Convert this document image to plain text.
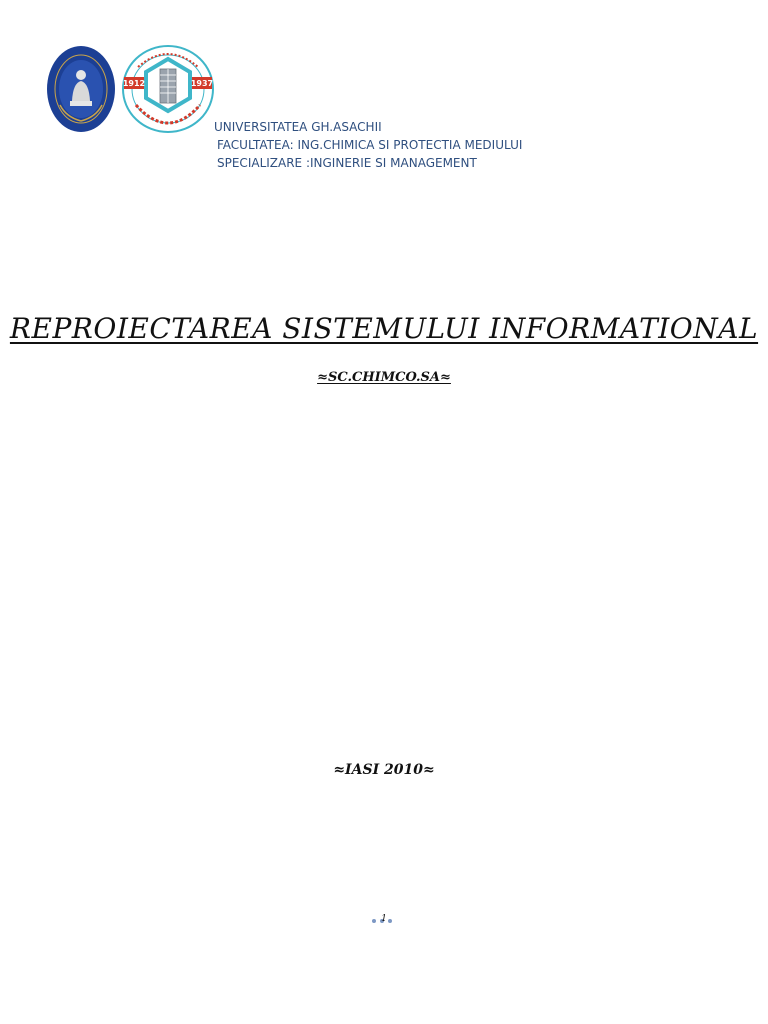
1912	1937
UNIVERSITATEA GH.ASACHII
FACULTATEA: ING.CHIMICA SI PROTECTIA MEDIULUI
SPECIALIZARE :INGINERIE SI MANAGEMENT
REPROIECTAREA SISTEMULUI INFORMATIONAL
≈SC.CHIMCO.SA≈
≈IASI 2010≈
1
